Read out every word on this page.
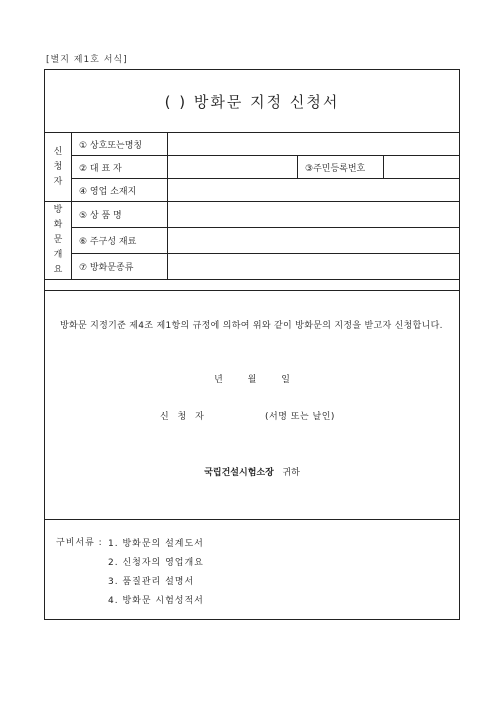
[별지 제1호 서식]
( ) 방화문 지정 신청서
신
청
자	① 상호또는명칭			
	② 대 표 자		③주민등록번호	
	④ 영업 소재지			

방
화
문
개
요	⑤ 상 품 명			
	⑥ 주구성 재료			
	⑦ 방화문종류			
방화문 지정기준 제4조 제1항의 규정에 의하여 위와 같이 방화문의 지정을 받고자 신청합니다.
년	월	일
신 청 자	(서명 또는 날인)
국립건설시험소장 귀하
구비서류 : 1. 방화문의 설계도서
2. 신청자의 영업개요
3. 품질관리 설명서
4. 방화문 시험성적서
